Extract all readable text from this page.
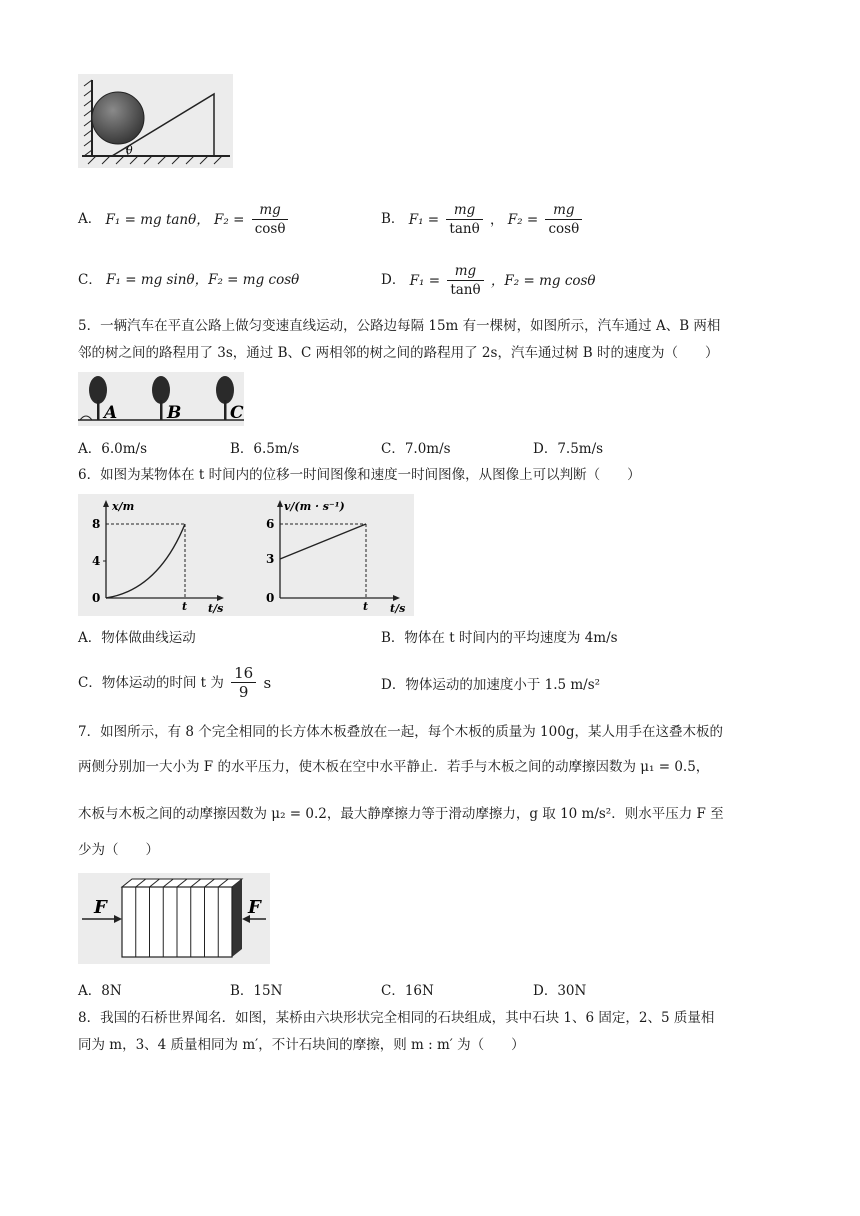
θ
A． F₁ = mg tanθ， $F_2 = \frac{mg}{\cos\theta}$	B． $F_1 = \frac{mg}{\tan\theta}$ ， $F_2 = \frac{mg}{\cos\theta}$
C． F₁ = mg sinθ，F₂ = mg cosθ	D． $F_1 = \frac{mg}{\tan\theta}$ ，F₂ = mg cosθ
5．一辆汽车在平直公路上做匀变速直线运动，公路边每隔 15m 有一棵树，如图所示，汽车通过 A、B 两相
邻的树之间的路程用了 3s，通过 B、C 两相邻的树之间的路程用了 2s，汽车通过树 B 时的速度为（　　）
A	B	C
A．6.0m/s	B．6.5m/s	C．7.0m/s	D．7.5m/s
6．如图为某物体在 t 时间内的位移一时间图像和速度一时间图像，从图像上可以判断（　　）
x/m
8
4
0
t t/s
v/(m · s⁻¹)
6
3
0
t t/s
A．物体做曲线运动	B．物体在 t 时间内的平均速度为 4m/s
C．物体运动的时间 t 为 $\frac{16}{9}$ s	D．物体运动的加速度小于 1.5 m/s²
7．如图所示，有 8 个完全相同的长方体木板叠放在一起，每个木板的质量为 100g，某人用手在这叠木板的
两侧分别加一大小为 F 的水平压力，使木板在空中水平静止．若手与木板之间的动摩擦因数为 μ₁ = 0.5，
木板与木板之间的动摩擦因数为 μ₂ = 0.2，最大静摩擦力等于滑动摩擦力，g 取 10 m/s²．则水平压力 F 至
少为（　　）
F	F
A．8N	B．15N	C．16N	D．30N
8．我国的石桥世界闻名．如图，某桥由六块形状完全相同的石块组成，其中石块 1、6 固定，2、5 质量相
同为 m，3、4 质量相同为 m′，不计石块间的摩擦，则 m : m′ 为（　　）
